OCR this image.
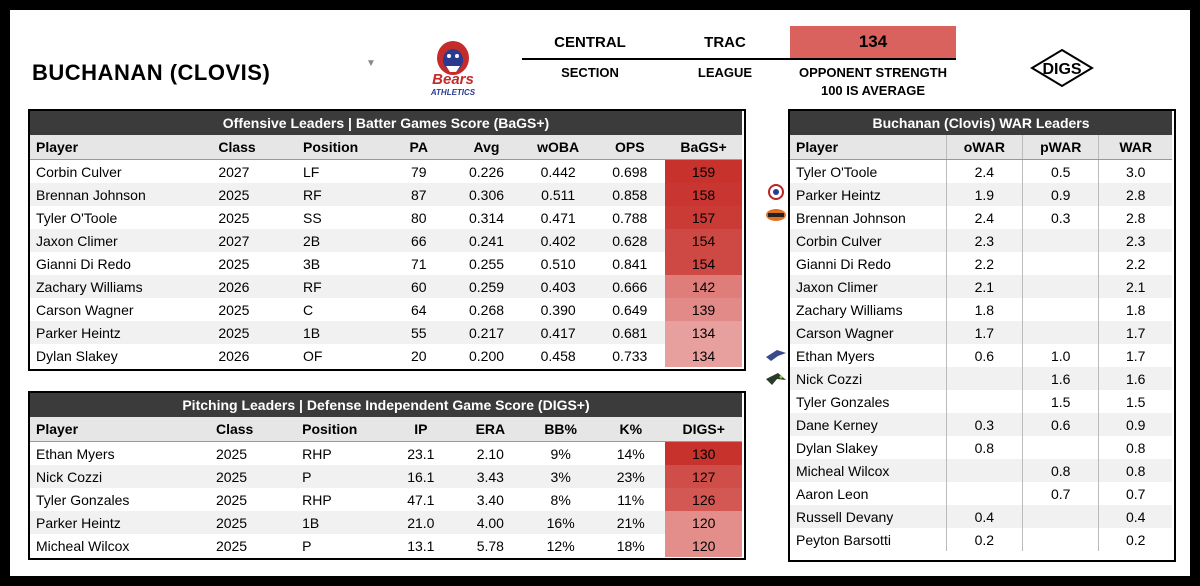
BUCHANAN (CLOVIS)	▼
Bears
ATHLETICS
CENTRAL	TRAC	134
SECTION	LEAGUE	OPPONENT STRENGTH
100 IS AVERAGE
DIGS
Offensive Leaders | Batter Games Score (BaGS+)							
Player	Class	Position	PA	Avg	wOBA	OPS	BaGS+
Corbin Culver	2027	LF	79	0.226	0.442	0.698	159
Brennan Johnson	2025	RF	87	0.306	0.511	0.858	158
Tyler O'Toole	2025	SS	80	0.314	0.471	0.788	157
Jaxon Climer	2027	2B	66	0.241	0.402	0.628	154
Gianni Di Redo	2025	3B	71	0.255	0.510	0.841	154
Zachary Williams	2026	RF	60	0.259	0.403	0.666	142
Carson Wagner	2025	C	64	0.268	0.390	0.649	139
Parker Heintz	2025	1B	55	0.217	0.417	0.681	134
Dylan Slakey	2026	OF	20	0.200	0.458	0.733	134
Pitching Leaders | Defense Independent Game Score (DIGS+)							
Player	Class	Position	IP	ERA	BB%	K%	DIGS+
Ethan Myers	2025	RHP	23.1	2.10	9%	14%	130
Nick Cozzi	2025	P	16.1	3.43	3%	23%	127
Tyler Gonzales	2025	RHP	47.1	3.40	8%	11%	126
Parker Heintz	2025	1B	21.0	4.00	16%	21%	120
Micheal Wilcox	2025	P	13.1	5.78	12%	18%	120
Buchanan (Clovis) WAR Leaders			
Player	oWAR	pWAR	WAR
Tyler O'Toole	2.4	0.5	3.0
Parker Heintz	1.9	0.9	2.8
Brennan Johnson	2.4	0.3	2.8
Corbin Culver	2.3		2.3
Gianni Di Redo	2.2		2.2
Jaxon Climer	2.1		2.1
Zachary Williams	1.8		1.8
Carson Wagner	1.7		1.7
Ethan Myers	0.6	1.0	1.7
Nick Cozzi		1.6	1.6
Tyler Gonzales		1.5	1.5
Dane Kerney	0.3	0.6	0.9
Dylan Slakey	0.8		0.8
Micheal Wilcox		0.8	0.8
Aaron Leon		0.7	0.7
Russell Devany	0.4		0.4
Peyton Barsotti	0.2		0.2
